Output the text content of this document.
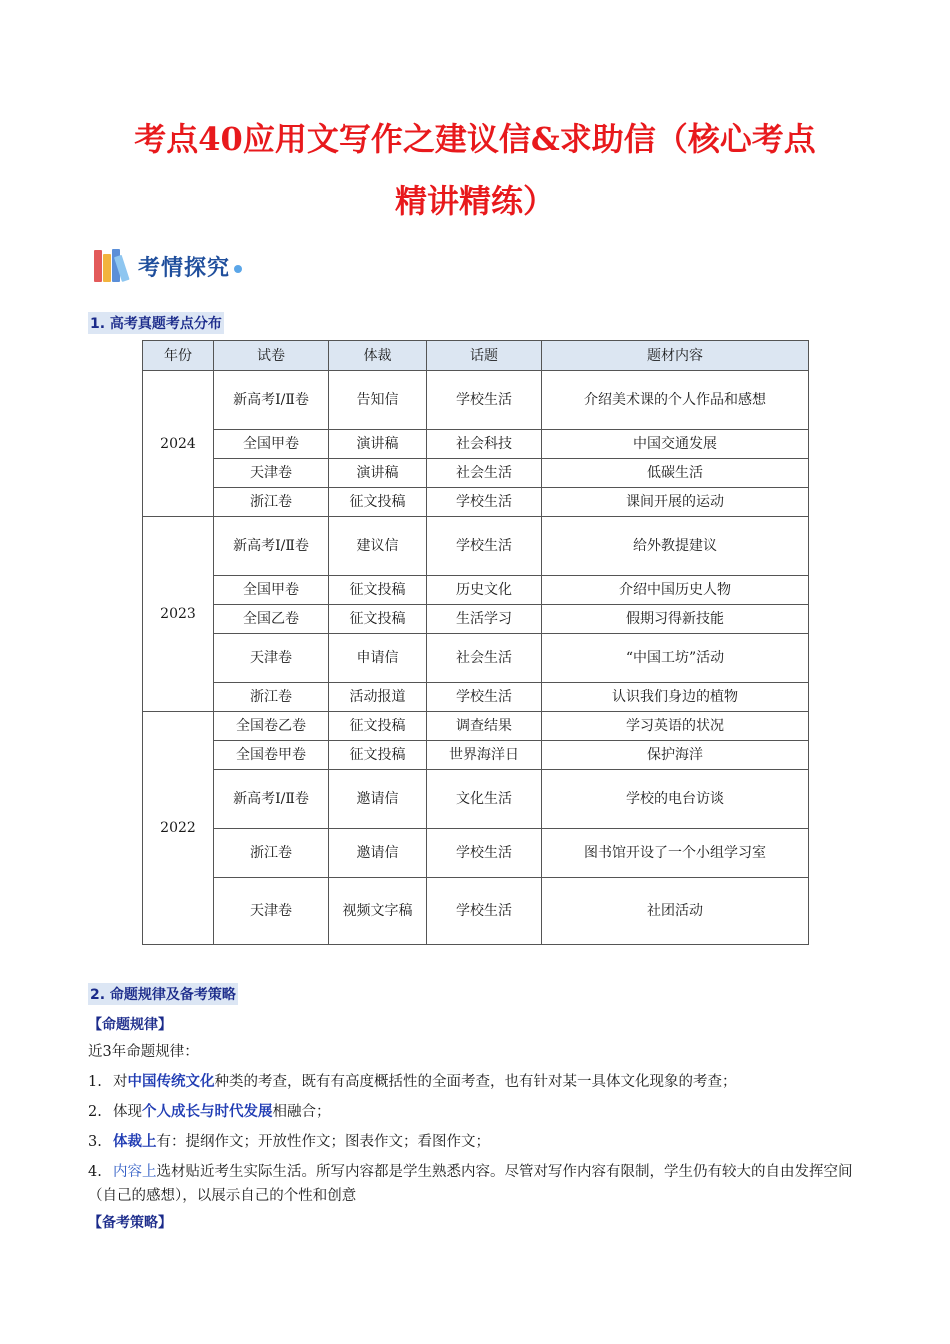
考点40应用文写作之建议信&求助信（核心考点
精讲精练）
考情探究
1. 高考真题考点分布
年份	试卷	体裁	话题	题材内容
2024	新高考Ⅰ/Ⅱ卷	告知信	学校生活	介绍美术课的个人作品和感想
	全国甲卷	演讲稿	社会科技	中国交通发展
	天津卷	演讲稿	社会生活	低碳生活
	浙江卷	征文投稿	学校生活	课间开展的运动
2023	新高考Ⅰ/Ⅱ卷	建议信	学校生活	给外教提建议
	全国甲卷	征文投稿	历史文化	介绍中国历史人物
	全国乙卷	征文投稿	生活学习	假期习得新技能
	天津卷	申请信	社会生活	“中国工坊”活动
	浙江卷	活动报道	学校生活	认识我们身边的植物
2022	全国卷乙卷	征文投稿	调查结果	学习英语的状况
	全国卷甲卷	征文投稿	世界海洋日	保护海洋
	新高考Ⅰ/Ⅱ卷	邀请信	文化生活	学校的电台访谈
	浙江卷	邀请信	学校生活	图书馆开设了一个小组学习室
	天津卷	视频文字稿	学校生活	社团活动
2. 命题规律及备考策略
【命题规律】
近3年命题规律：
1. 对中国传统文化种类的考查，既有有高度概括性的全面考查，也有针对某一具体文化现象的考查；
2. 体现个人成长与时代发展相融合；
3. 体裁上有：提纲作文；开放性作文；图表作文；看图作文；
4. 内容上选材贴近考生实际生活。所写内容都是学生熟悉内容。尽管对写作内容有限制，学生仍有较大的自由发挥空间（自己的感想），以展示自己的个性和创意
【备考策略】
